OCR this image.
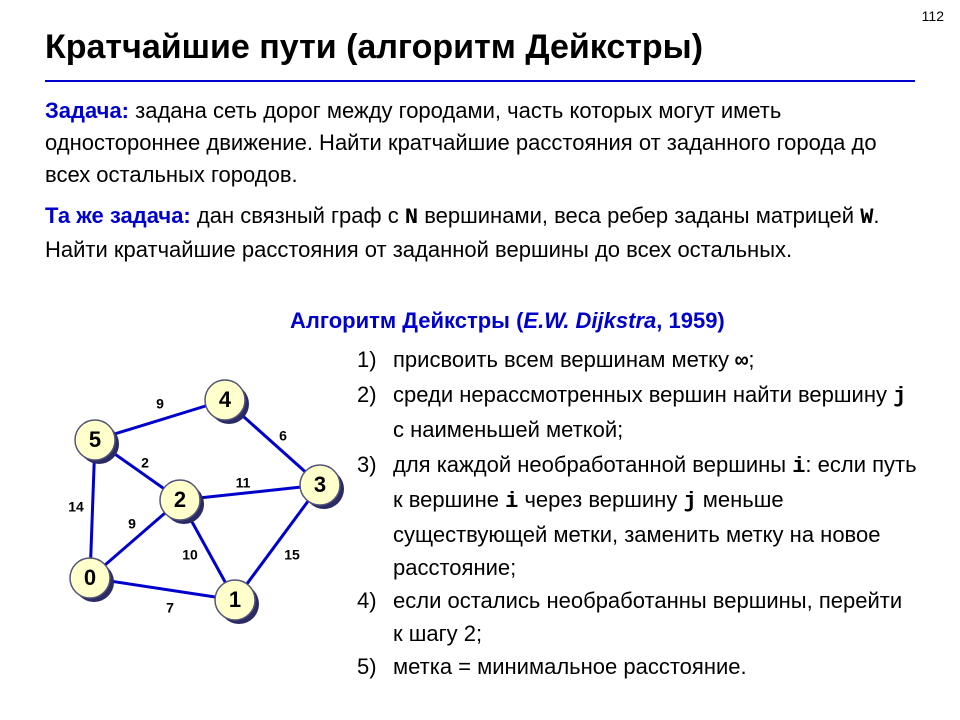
112
Кратчайшие пути (алгоритм Дейкстры)
Задача: задана сеть дорог между городами, часть которых могут иметь одностороннее движение. Найти кратчайшие расстояния от заданного города до всех остальных городов.
Та же задача: дан связный граф с N вершинами, веса ребер заданы матрицей W. Найти кратчайшие расстояния от заданной вершины до всех остальных.
Алгоритм Дейкстры (E.W. Dijkstra, 1959)
1) присвоить всем вершинам метку ∞;
2) среди нерассмотренных вершин найти вершину j с наименьшей меткой;
3) для каждой необработанной вершины i: если путь к вершине i через вершину j меньше существующей метки, заменить метку на новое расстояние;
4) если остались необработанны вершины, перейти к шагу 2;
5) метка = минимальное расстояние.
9
6
2
11
14
9
10	15
7
0
1
2
3
4
5
